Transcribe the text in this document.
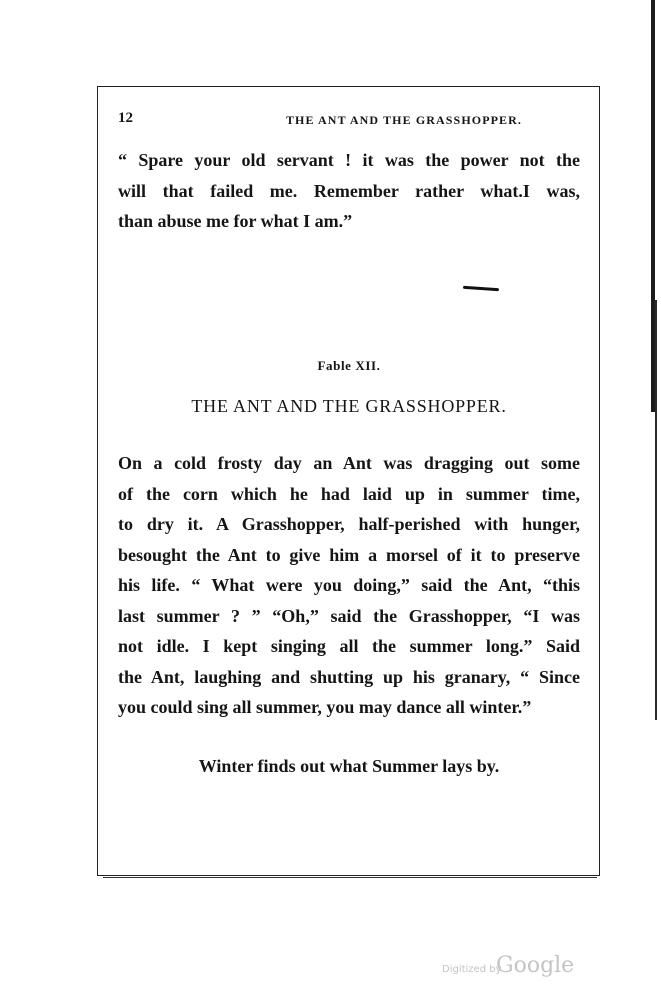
12	THE ANT AND THE GRASSHOPPER.
“ Spare your old servant ! it was the power not the
will that failed me. Remember rather what.I was,
than abuse me for what I am.”
Fable XII.
THE ANT AND THE GRASSHOPPER.
On a cold frosty day an Ant was dragging out some
of the corn which he had laid up in summer time,
to dry it. A Grasshopper, half-perished with hunger,
besought the Ant to give him a morsel of it to preserve
his life. “ What were you doing,” said the Ant, “this
last summer ? ” “Oh,” said the Grasshopper, “I was
not idle. I kept singing all the summer long.” Said
the Ant, laughing and shutting up his granary, “ Since
you could sing all summer, you may dance all winter.”
Winter finds out what Summer lays by.
Digitized by
Google
